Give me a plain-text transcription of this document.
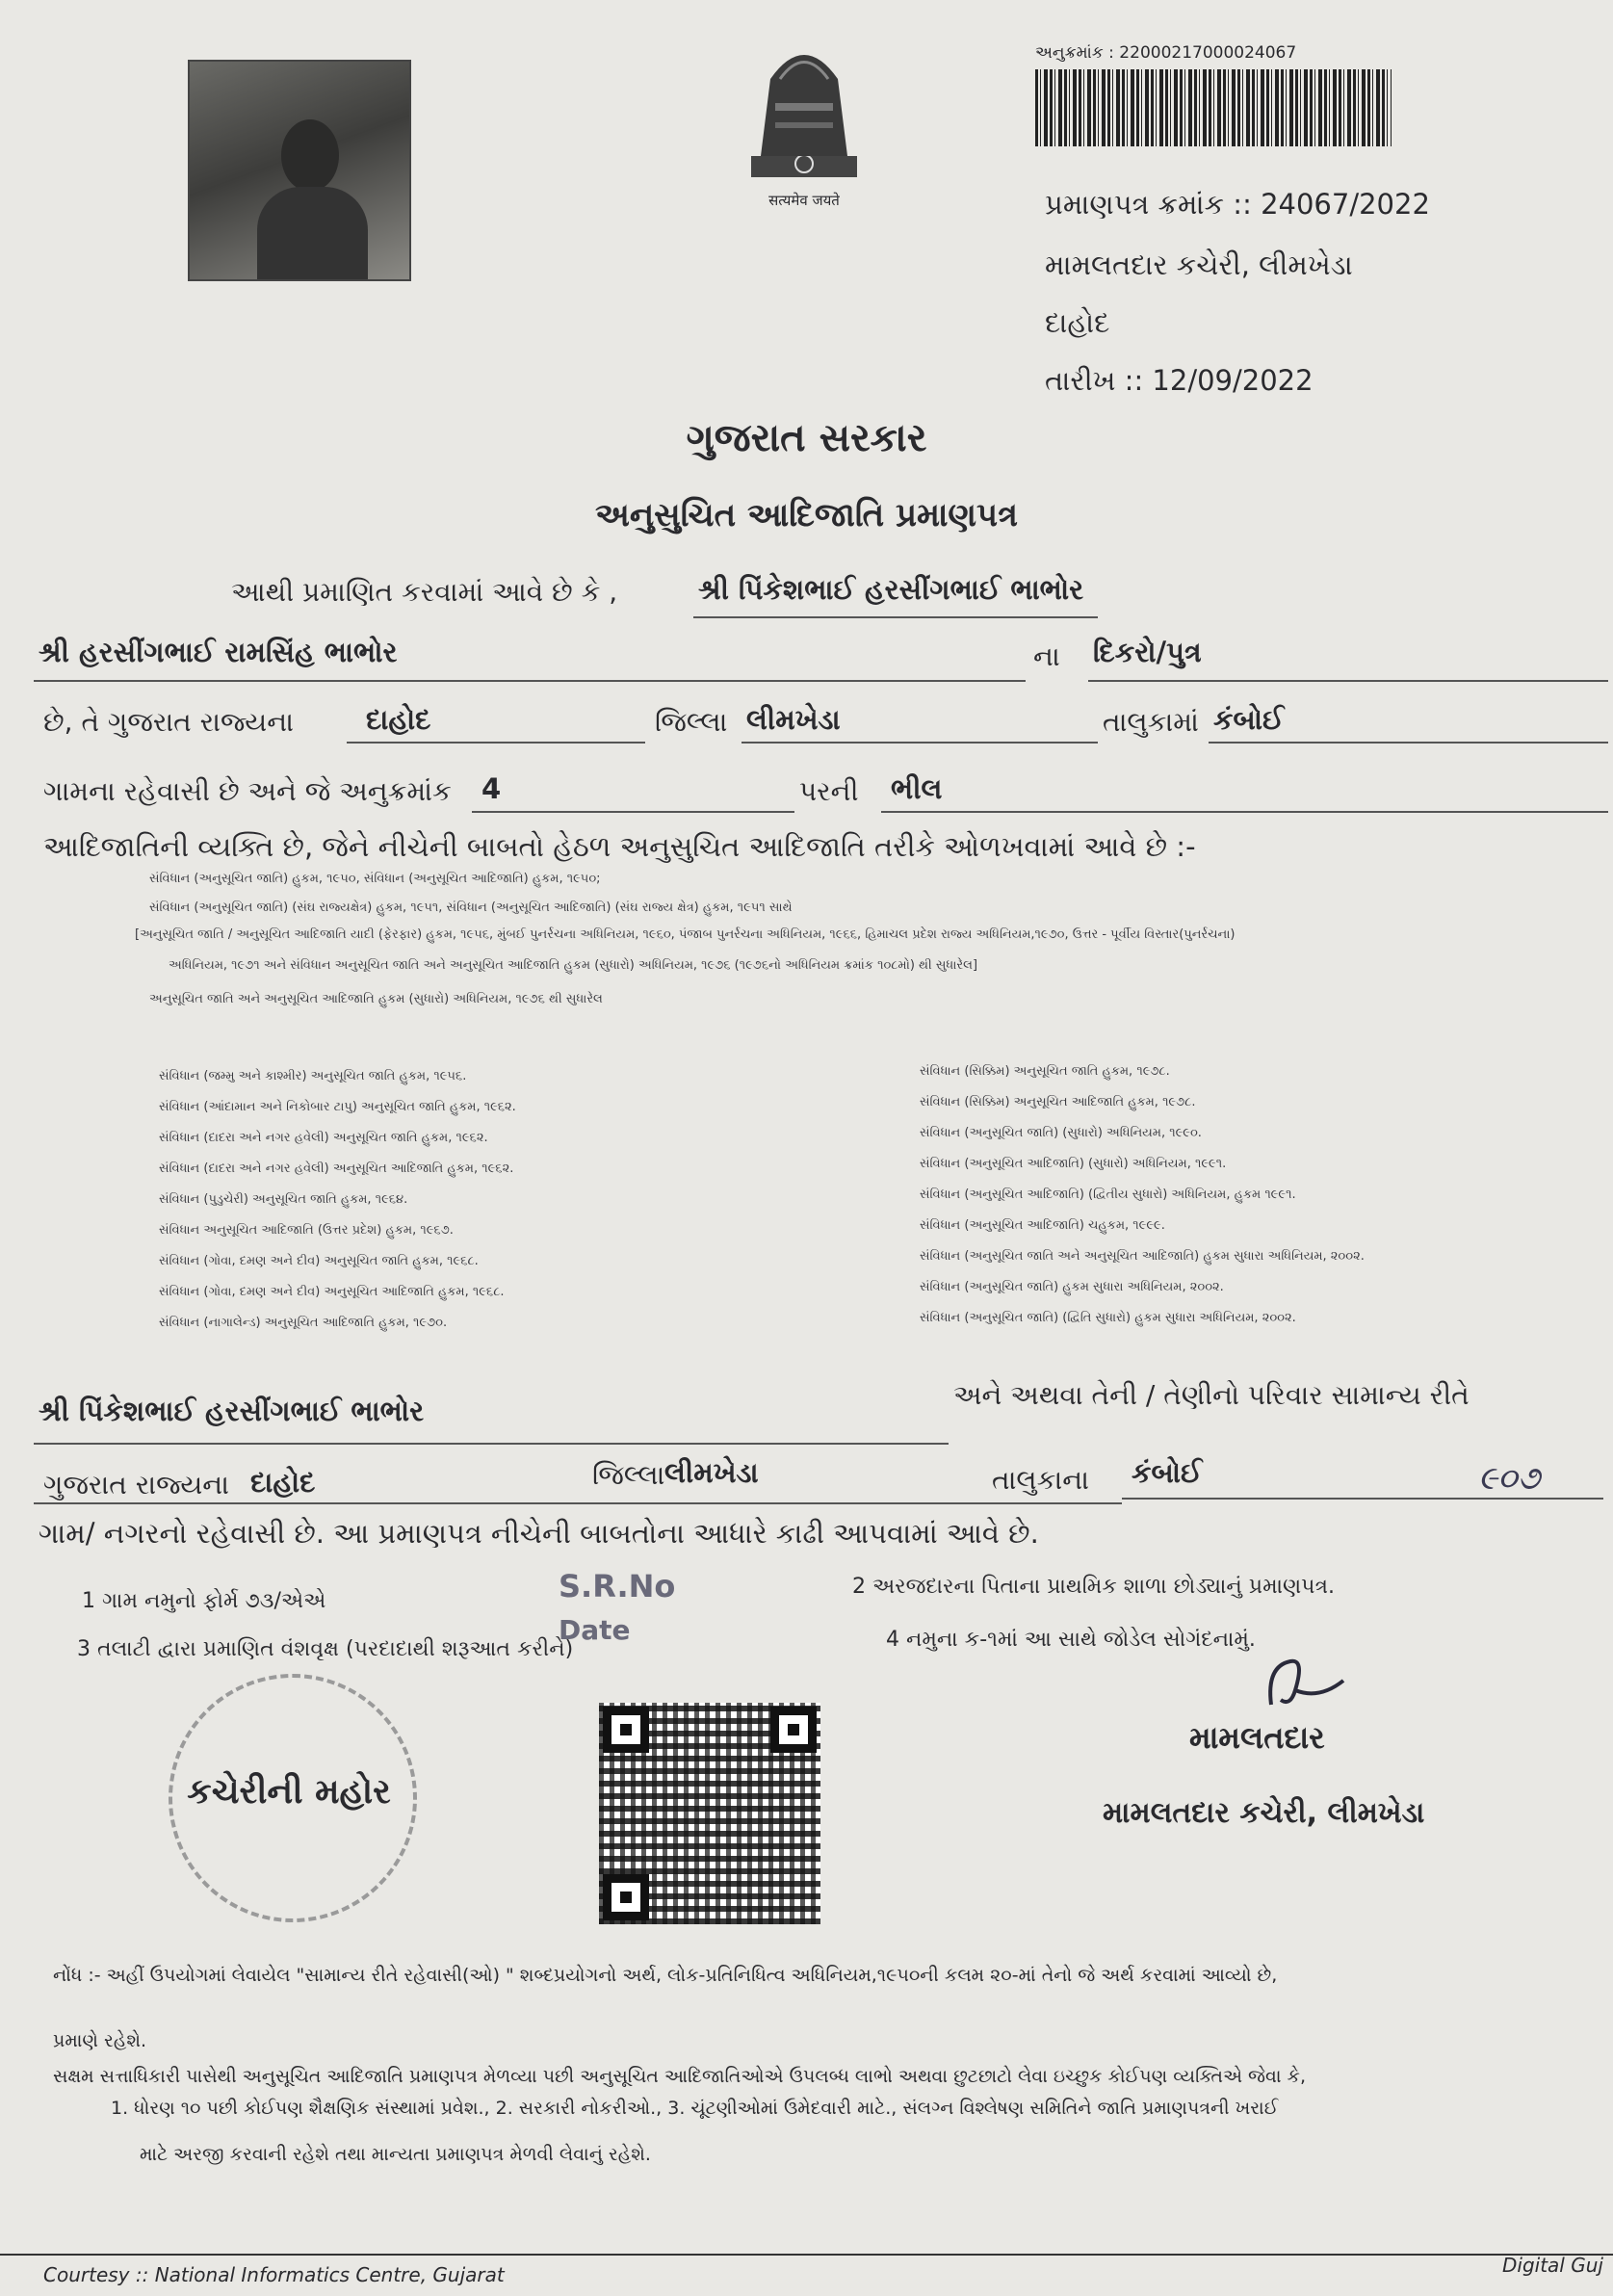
सत्यमेव जयते
અનુક્રમાંક : 22000217000024067
પ્રમાણપત્ર ક્રમાંક :: 24067/2022
મામલતદાર કચેરી, લીમખેડા
દાહોદ
તારીખ :: 12/09/2022
ગુજરાત સરકાર
અનુસુચિત આદિજાતિ પ્રમાણપત્ર
આથી પ્રમાણિત કરવામાં આવે છે કે ,	શ્રી પિંકેશભાઈ હરસીંગભાઈ ભાભોર
શ્રી હરસીંગભાઈ રામસિંહ ભાભોર	ના દિકરો/પુત્ર
છે, તે ગુજરાત રાજ્યના	દાહોદ	જિલ્લા લીમખેડા	તાલુકામાં કંબોઈ
ગામના રહેવાસી છે અને જે અનુક્રમાંક 4	પરની ભીલ
આદિજાતિની વ્યક્તિ છે, જેને નીચેની બાબતો હેઠળ અનુસુચિત આદિજાતિ તરીકે ઓળખવામાં આવે છે :-
સંવિધાન (અનુસૂચિત જાતિ) હુકમ, ૧૯૫૦, સંવિધાન (અનુસૂચિત આદિજાતિ) હુકમ, ૧૯૫૦;
સંવિધાન (અનુસૂચિત જાતિ) (સંઘ રાજ્યક્ષેત્ર) હુકમ, ૧૯૫૧, સંવિધાન (અનુસૂચિત આદિજાતિ) (સંઘ રાજ્ય ક્ષેત્ર) હુકમ, ૧૯૫૧ સાથે
[અનુસૂચિત જાતિ / અનુસૂચિત આદિજાતિ યાદી (ફેરફાર) હુકમ, ૧૯૫૬, મુંબઈ પુનર્રચના અધિનિયમ, ૧૯૬૦, પંજાબ પુનર્રચના અધિનિયમ, ૧૯૬૬, હિમાચલ પ્રદેશ રાજ્ય અધિનિયમ,૧૯૭૦, ઉત્તર - પૂર્વીય વિસ્તાર(પુનર્રચના)
અધિનિયમ, ૧૯૭૧ અને સંવિધાન અનુસૂચિત જાતિ અને અનુસૂચિત આદિજાતિ હુકમ (સુધારો) અધિનિયમ, ૧૯૭૬ (૧૯૭૬નો અધિનિયમ ક્રમાંક ૧૦૮મો) થી સુધારેલ]
અનુસૂચિત જાતિ અને અનુસૂચિત આદિજાતિ હુકમ (સુધારો) અધિનિયમ, ૧૯૭૬ થી સુધારેલ
સંવિધાન (જમ્મુ અને કાશ્મીર) અનુસૂચિત જાતિ હુકમ, ૧૯૫૬.
સંવિધાન (આંદામાન અને નિકોબાર ટાપુ) અનુસૂચિત જાતિ હુકમ, ૧૯૬૨.
સંવિધાન (દાદરા અને નગર હવેલી) અનુસૂચિત જાતિ હુકમ, ૧૯૬૨.
સંવિધાન (દાદરા અને નગર હવેલી) અનુસૂચિત આદિજાતિ હુકમ, ૧૯૬૨.
સંવિધાન (પુડુચેરી) અનુસૂચિત જાતિ હુકમ, ૧૯૬૪.
સંવિધાન અનુસૂચિત આદિજાતિ (ઉત્તર પ્રદેશ) હુકમ, ૧૯૬૭.
સંવિધાન (ગોવા, દમણ અને દીવ) અનુસૂચિત જાતિ હુકમ, ૧૯૬૮.
સંવિધાન (ગોવા, દમણ અને દીવ) અનુસૂચિત આદિજાતિ હુકમ, ૧૯૬૮.
સંવિધાન (નાગાલેન્ડ) અનુસૂચિત આદિજાતિ હુકમ, ૧૯૭૦.
સંવિધાન (સિક્કિમ) અનુસૂચિત જાતિ હુકમ, ૧૯૭૮.
સંવિધાન (સિક્કિમ) અનુસૂચિત આદિજાતિ હુકમ, ૧૯૭૮.
સંવિધાન (અનુસૂચિત જાતિ) (સુધારો) અધિનિયમ, ૧૯૯૦.
સંવિધાન (અનુસૂચિત આદિજાતિ) (સુધારો) અધિનિયમ, ૧૯૯૧.
સંવિધાન (અનુસૂચિત આદિજાતિ) (દ્વિતીય સુધારો) અધિનિયમ, હુકમ ૧૯૯૧.
સંવિધાન (અનુસૂચિત આદિજાતિ) ચહુકમ, ૧૯૯૯.
સંવિધાન (અનુસૂચિત જાતિ અને અનુસૂચિત આદિજાતિ) હુકમ સુધારા અધિનિયમ, ૨૦૦૨.
સંવિધાન (અનુસૂચિત જાતિ) હુકમ સુધારા અધિનિયમ, ૨૦૦૨.
સંવિધાન (અનુસૂચિત જાતિ) (દ્વિતિ સુધારો) હુકમ સુધારા અધિનિયમ, ૨૦૦૨.
અને અથવા તેની / તેણીનો પરિવાર સામાન્ય રીતે
શ્રી પિંકેશભાઈ હરસીંગભાઈ ભાભોર
ગુજરાત રાજ્યના દાહોદ	જિલ્લા લીમખેડા	તાલુકાના કંબોઈ
ગામ/ નગરનો રહેવાસી છે. આ પ્રમાણપત્ર નીચેની બાબતોના આધારે કાઢી આપવામાં આવે છે.
1 ગામ નમુનો ફોર્મ ૭૩/એએ
2 અરજદારના પિતાના પ્રાથમિક શાળા છોડ્યાનું પ્રમાણપત્ર.
3 તલાટી દ્વારા પ્રમાણિત વંશવૃક્ષ (પરદાદાથી શરૂઆત કરીને)	4 નમુના ક-૧માં આ સાથે જોડેલ સોગંદનામું.
S.R.No
Date
૯૦૭
મામલતદાર
મામલતદાર કચેરી, લીમખેડા
કચેરીની મહોર
નોંધ :- અહીં ઉપયોગમાં લેવાયેલ "સામાન્ય રીતે રહેવાસી(ઓ) " શબ્દપ્રયોગનો અર્થ, લોક-પ્રતિનિધિત્વ અધિનિયમ,૧૯૫૦ની કલમ ૨૦-માં તેનો જે અર્થ કરવામાં આવ્યો છે,
પ્રમાણે રહેશે.
સક્ષમ સત્તાધિકારી પાસેથી અનુસૂચિત આદિજાતિ પ્રમાણપત્ર મેળવ્યા પછી અનુસૂચિત આદિજાતિઓએ ઉપલબ્ધ લાભો અથવા છુટછાટો લેવા ઇચ્છુક કોઈપણ વ્યક્તિએ જેવા કે,
1. ધોરણ ૧૦ પછી કોઈપણ શૈક્ષણિક સંસ્થામાં પ્રવેશ., 2. સરકારી નોકરીઓ., 3. ચૂંટણીઓમાં ઉમેદવારી માટે., સંલગ્ન વિશ્લેષણ સમિતિને જાતિ પ્રમાણપત્રની ખરાઈ
માટે અરજી કરવાની રહેશે તથા માન્યતા પ્રમાણપત્ર મેળવી લેવાનું રહેશે.
Courtesy :: National Informatics Centre, Gujarat	Digital Guj
